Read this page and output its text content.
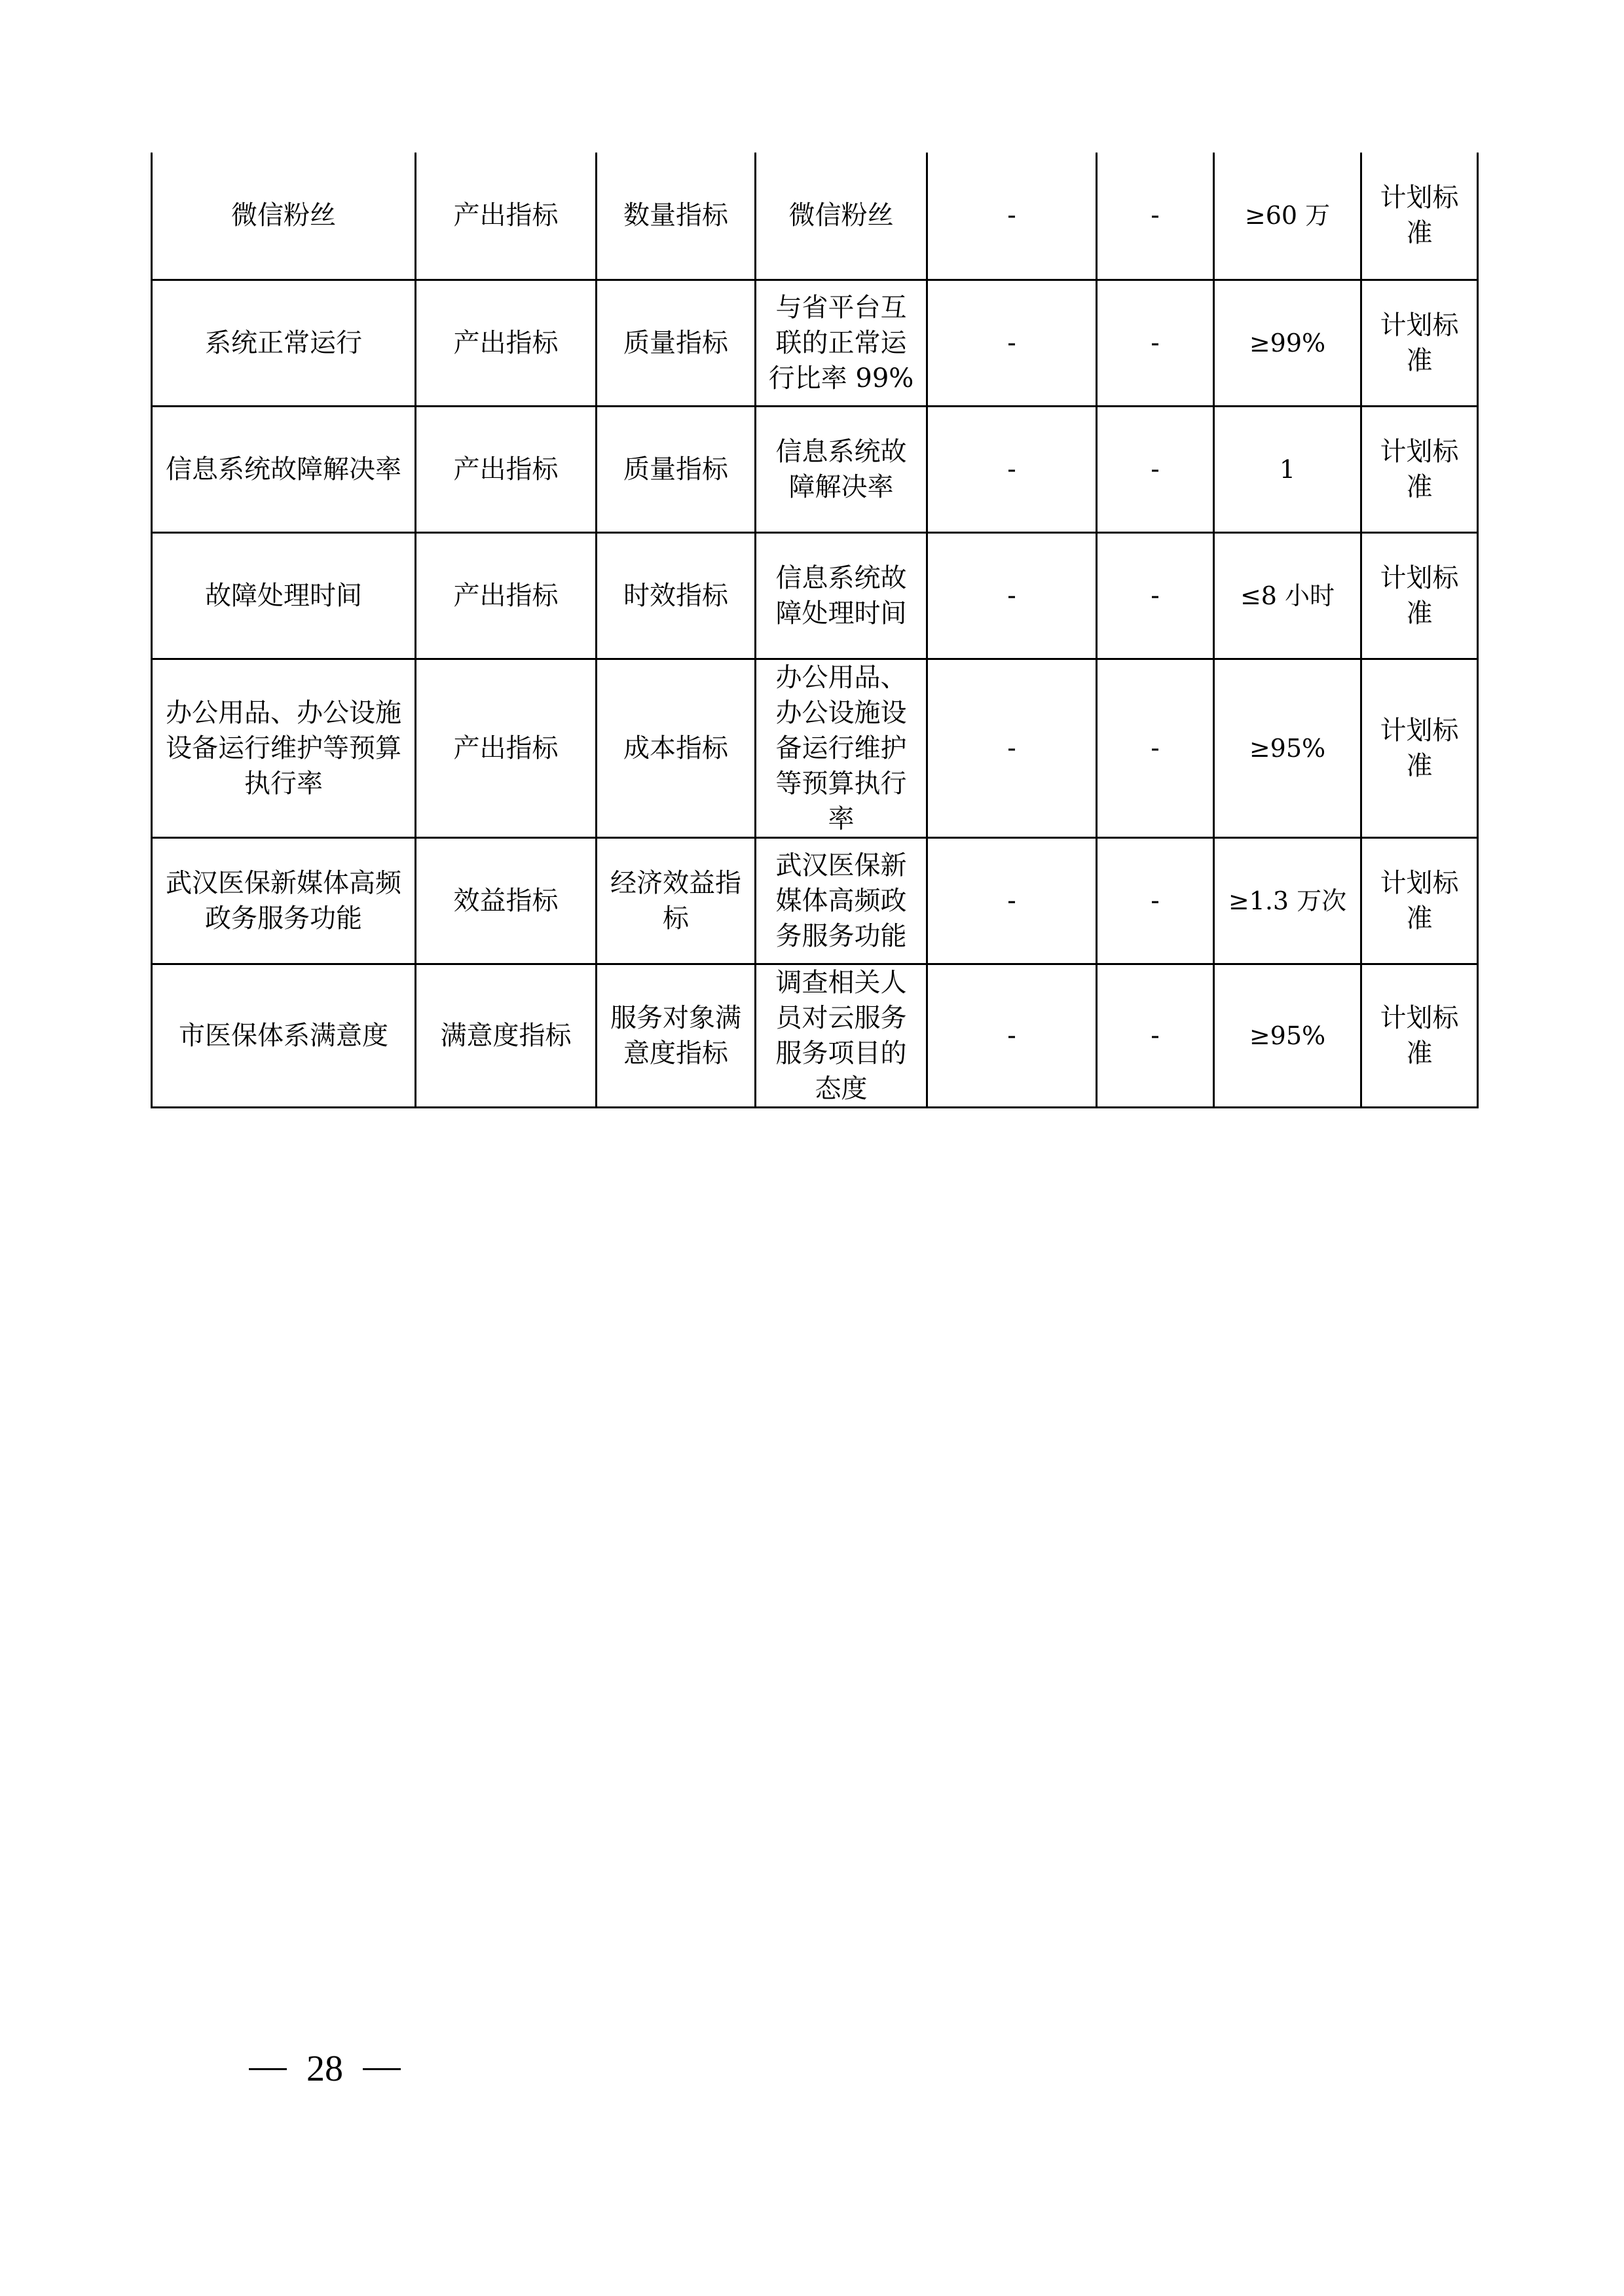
微信粉丝	产出指标	数量指标	微信粉丝	-	-	≥60 万	计划标准
系统正常运行	产出指标	质量指标	与省平台互联的正常运行比率 99%	-	-	≥99%	计划标准
信息系统故障解决率	产出指标	质量指标	信息系统故障解决率	-	-	1	计划标准
故障处理时间	产出指标	时效指标	信息系统故障处理时间	-	-	≤8 小时	计划标准
办公用品、办公设施设备运行维护等预算执行率	产出指标	成本指标	办公用品、办公设施设备运行维护等预算执行率	-	-	≥95%	计划标准
武汉医保新媒体高频政务服务功能	效益指标	经济效益指标	武汉医保新媒体高频政务服务功能	-	-	≥1.3 万次	计划标准
市医保体系满意度	满意度指标	服务对象满意度指标	调查相关人员对云服务服务项目的态度	-	-	≥95%	计划标准
28
